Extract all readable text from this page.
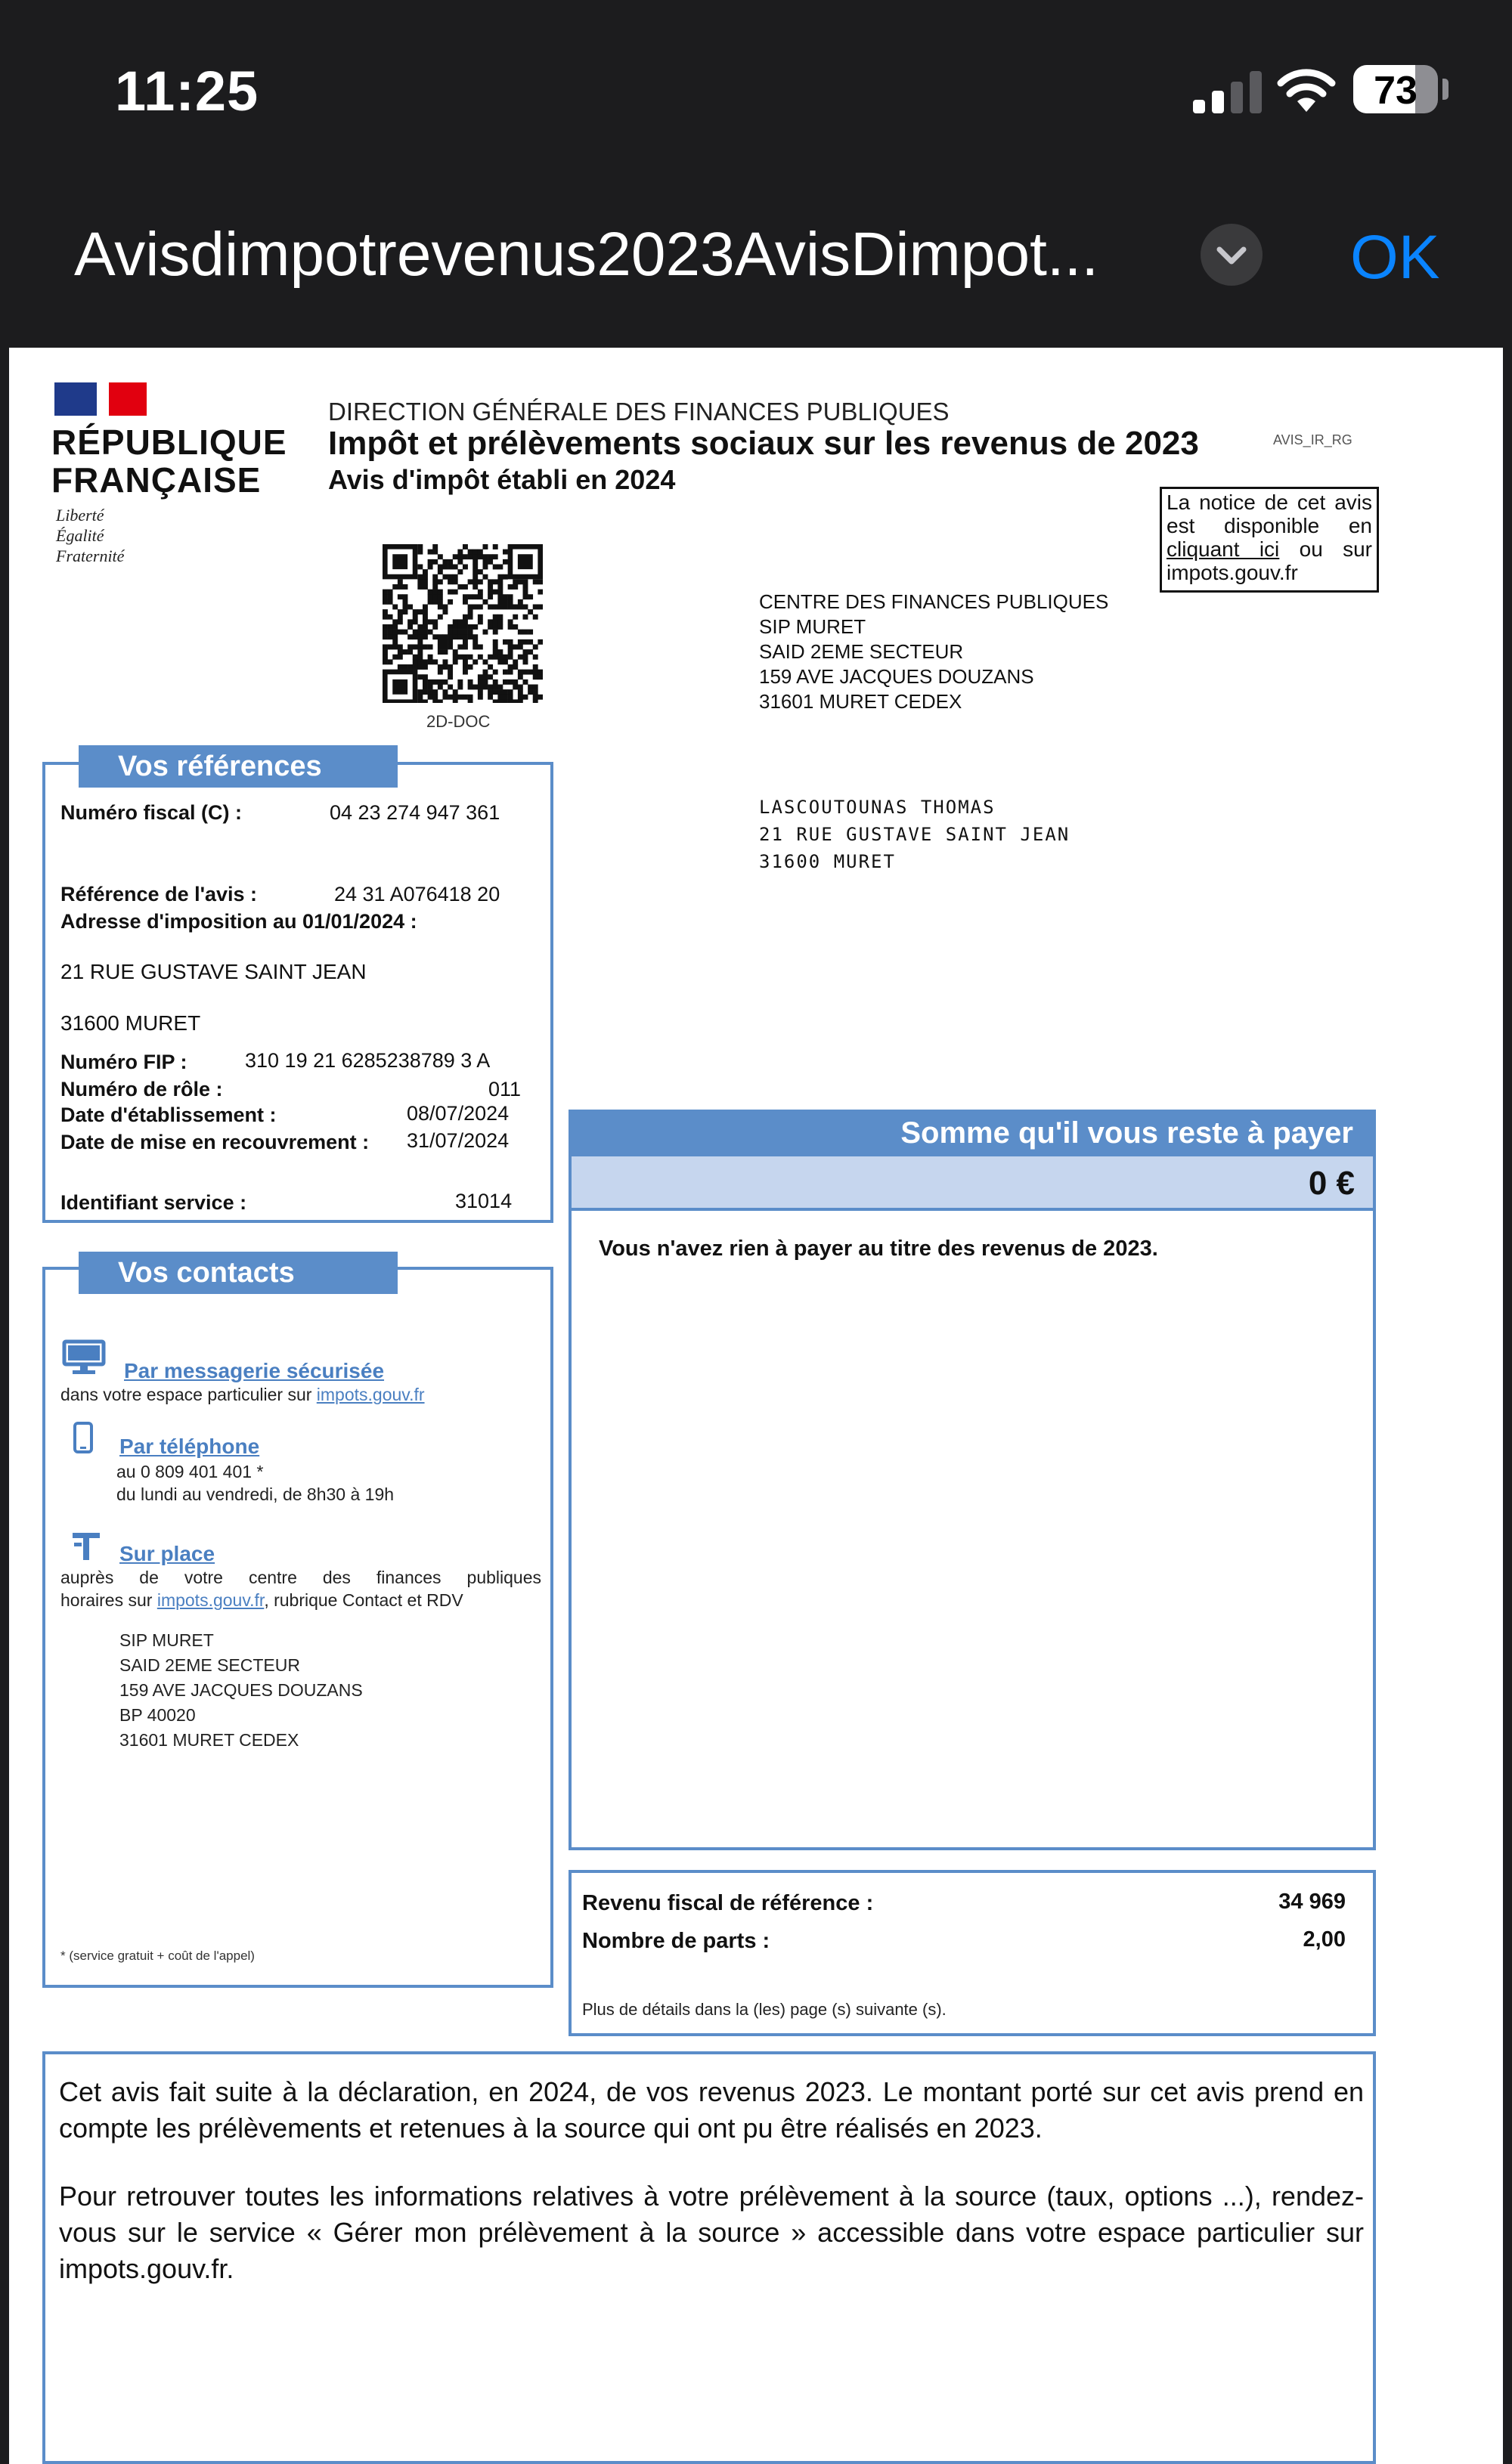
11:25	73
Avisdimpotrevenus2023AvisDimpot...	OK
RÉPUBLIQUE
FRANÇAISE
Liberté
Égalité
Fraternité
DIRECTION GÉNÉRALE DES FINANCES PUBLIQUES
Impôt et prélèvements sociaux sur les revenus de 2023
Avis d'impôt établi en 2024
AVIS_IR_RG
La notice de cet avis est disponible en cliquant ici ou sur impots.gouv.fr
2D-DOC
CENTRE DES FINANCES PUBLIQUES
SIP MURET
SAID 2EME SECTEUR
159 AVE JACQUES DOUZANS
31601 MURET CEDEX
LASCOUTOUNAS THOMAS
21 RUE GUSTAVE SAINT JEAN
31600 MURET
Vos références
Numéro fiscal (C) :	04 23 274 947 361
Référence de l'avis :	24 31 A076418 20
Adresse d'imposition au 01/01/2024 :
21 RUE GUSTAVE SAINT JEAN
31600 MURET
Numéro FIP :	310 19 21 6285238789 3 A
Numéro de rôle :	011
Date d'établissement :	08/07/2024
Date de mise en recouvrement : 31/07/2024
Identifiant service :	31014
Vos contacts
Par messagerie sécurisée
dans votre espace particulier sur impots.gouv.fr
Par téléphone
au 0 809 401 401 *
du lundi au vendredi, de 8h30 à 19h
Sur place
auprès de votre centre des finances publiques
horaires sur impots.gouv.fr, rubrique Contact et RDV
SIP MURET
SAID 2EME SECTEUR
159 AVE JACQUES DOUZANS
BP 40020
31601 MURET CEDEX
* (service gratuit + coût de l'appel)
Somme qu'il vous reste à payer
0 €
Vous n'avez rien à payer au titre des revenus de 2023.
Revenu fiscal de référence :	34 969
Nombre de parts :	2,00
Plus de détails dans la (les) page (s) suivante (s).
Cet avis fait suite à la déclaration, en 2024, de vos revenus 2023. Le montant porté sur cet avis prend en compte les prélèvements et retenues à la source qui ont pu être réalisés en 2023.
Pour retrouver toutes les informations relatives à votre prélèvement à la source (taux, options ...), rendez-vous sur le service « Gérer mon prélèvement à la source » accessible dans votre espace particulier sur impots.gouv.fr.
